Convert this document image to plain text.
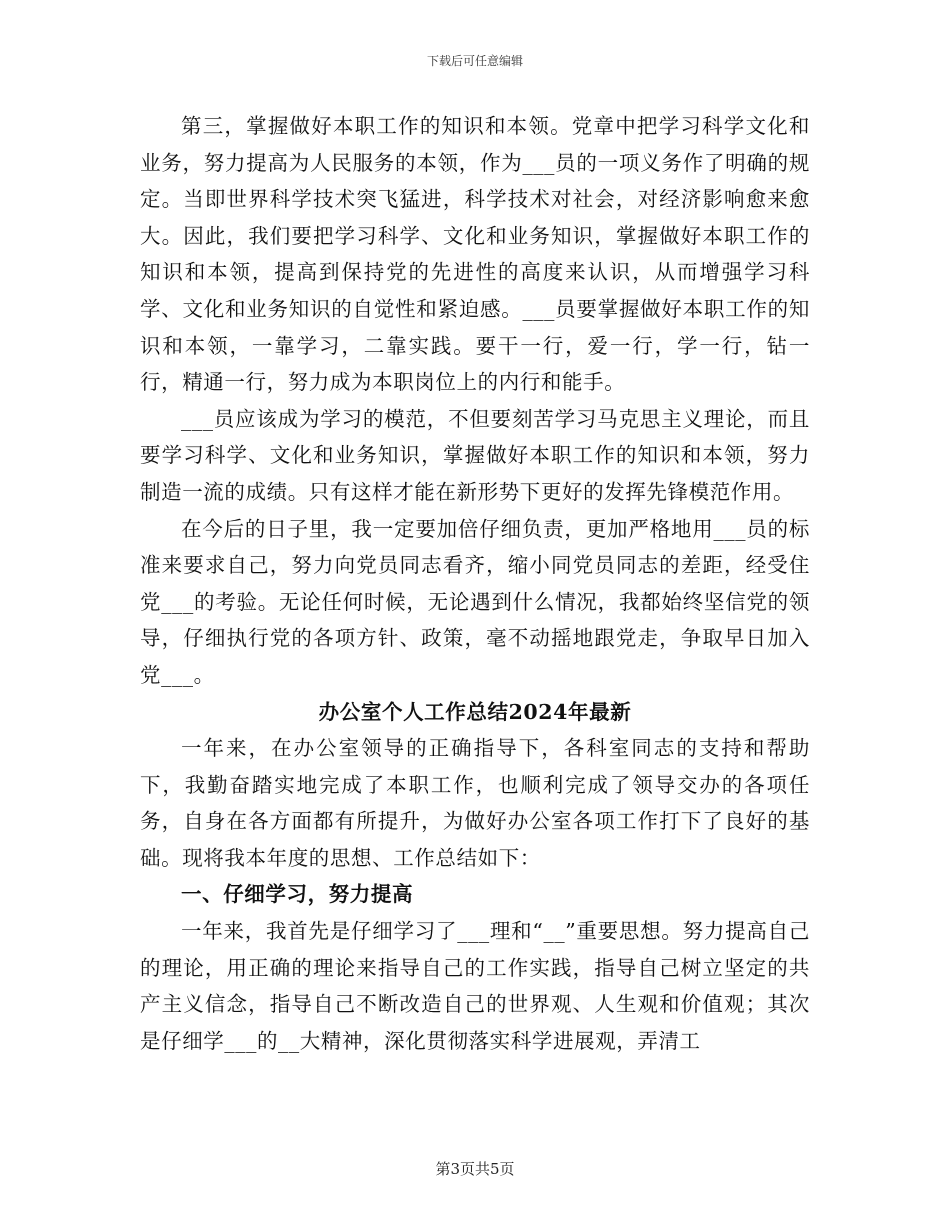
下载后可任意编辑

第三，掌握做好本职工作的知识和本领。党章中把学习科学文化和业务，努力提高为人民服务的本领，作为___员的一项义务作了明确的规定。当即世界科学技术突飞猛进，科学技术对社会，对经济影响愈来愈大。因此，我们要把学习科学、文化和业务知识，掌握做好本职工作的知识和本领，提高到保持党的先进性的高度来认识，从而增强学习科学、文化和业务知识的自觉性和紧迫感。___员要掌握做好本职工作的知识和本领，一靠学习，二靠实践。要干一行，爱一行，学一行，钻一行，精通一行，努力成为本职岗位上的内行和能手。

___员应该成为学习的模范，不但要刻苦学习马克思主义理论，而且要学习科学、文化和业务知识，掌握做好本职工作的知识和本领，努力制造一流的成绩。只有这样才能在新形势下更好的发挥先锋模范作用。

在今后的日子里，我一定要加倍仔细负责，更加严格地用___员的标准来要求自己，努力向党员同志看齐，缩小同党员同志的差距，经受住党___的考验。无论任何时候，无论遇到什么情况，我都始终坚信党的领导，仔细执行党的各项方针、政策，毫不动摇地跟党走，争取早日加入党___。

办公室个人工作总结2024年最新

一年来，在办公室领导的正确指导下，各科室同志的支持和帮助下，我勤奋踏实地完成了本职工作，也顺利完成了领导交办的各项任务，自身在各方面都有所提升，为做好办公室各项工作打下了良好的基础。现将我本年度的思想、工作总结如下：

一、仔细学习，努力提高

一年来，我首先是仔细学习了___理和“__”重要思想。努力提高自己的理论，用正确的理论来指导自己的工作实践，指导自己树立坚定的共产主义信念，指导自己不断改造自己的世界观、人生观和价值观；其次是仔细学___的__大精神，深化贯彻落实科学进展观，弄清工

第3页共5页
